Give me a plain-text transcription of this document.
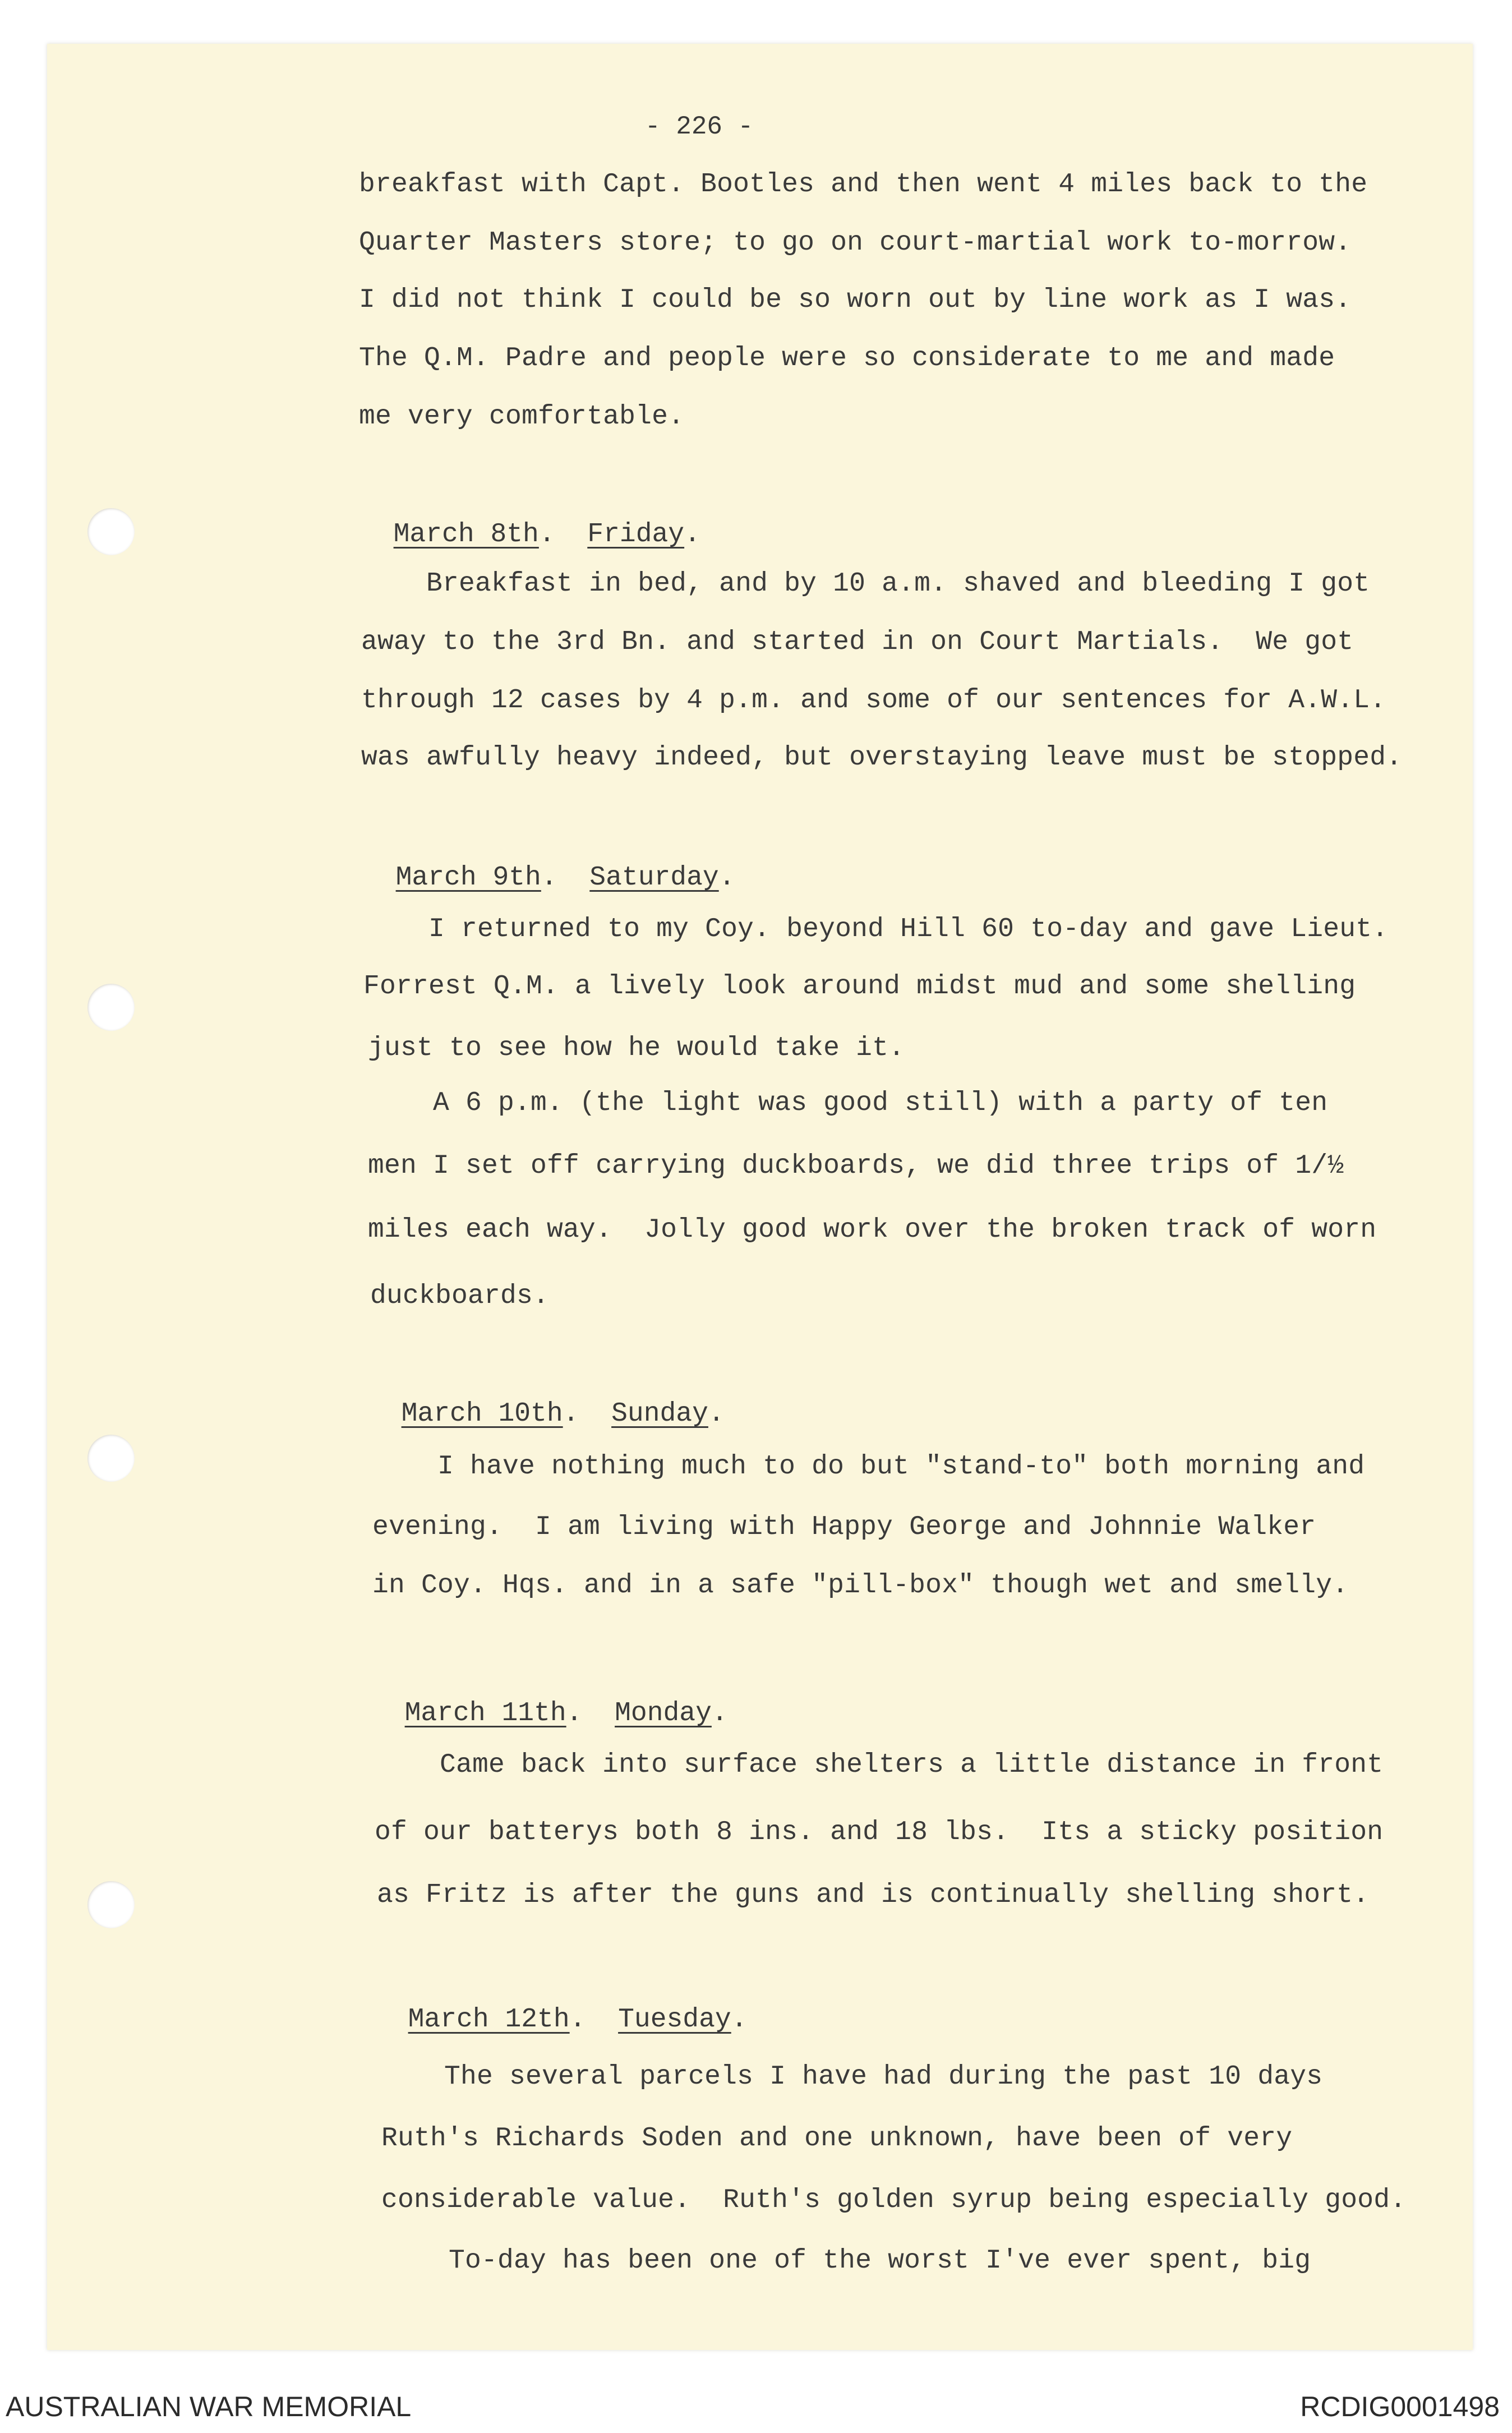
- 226 -
breakfast with Capt. Bootles and then went 4 miles back to the
Quarter Masters store; to go on court-martial work to-morrow.
I did not think I could be so worn out by line work as I was.
The Q.M. Padre and people were so considerate to me and made
me very comfortable.

March 8th.  Friday.

Breakfast in bed, and by 10 a.m. shaved and bleeding I got
away to the 3rd Bn. and started in on Court Martials.  We got
through 12 cases by 4 p.m. and some of our sentences for A.W.L.
was awfully heavy indeed, but overstaying leave must be stopped.

March 9th.  Saturday.

I returned to my Coy. beyond Hill 60 to-day and gave Lieut.
Forrest Q.M. a lively look around midst mud and some shelling
just to see how he would take it.
A 6 p.m. (the light was good still) with a party of ten
men I set off carrying duckboards, we did three trips of 1/½
miles each way.  Jolly good work over the broken track of worn
duckboards.

March 10th.  Sunday.

I have nothing much to do but "stand-to" both morning and
evening.  I am living with Happy George and Johnnie Walker
in Coy. Hqs. and in a safe "pill-box" though wet and smelly.

March 11th.  Monday.

Came back into surface shelters a little distance in front
of our batterys both 8 ins. and 18 lbs.  Its a sticky position
as Fritz is after the guns and is continually shelling short.

March 12th.  Tuesday.

The several parcels I have had during the past 10 days
Ruth's Richards Soden and one unknown, have been of very
considerable value.  Ruth's golden syrup being especially good.
To-day has been one of the worst I've ever spent, big
AUSTRALIAN WAR MEMORIAL	RCDIG0001498
